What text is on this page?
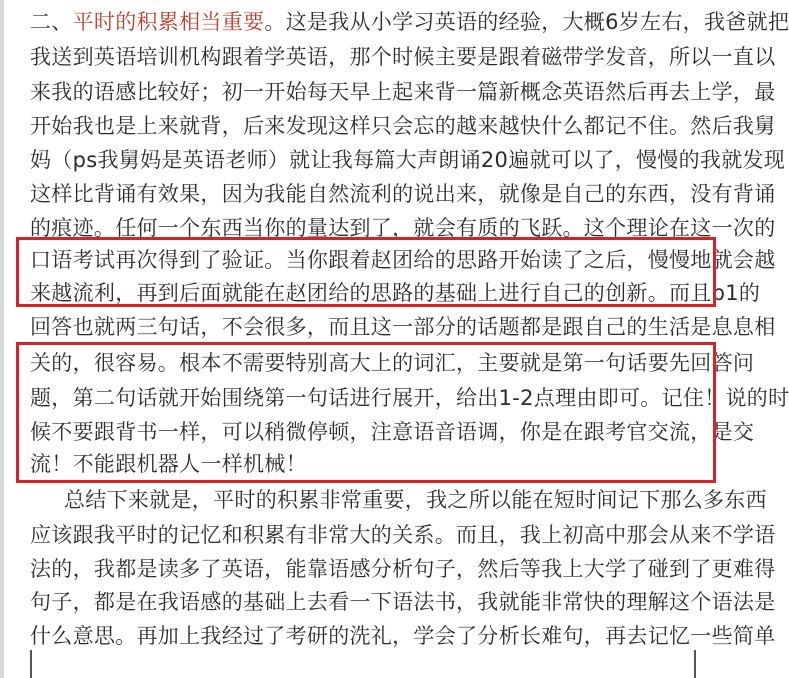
二、平时的积累相当重要。这是我从小学习英语的经验，大概6岁左右，我爸就把
我送到英语培训机构跟着学英语，那个时候主要是跟着磁带学发音，所以一直以
来我的语感比较好；初一开始每天早上起来背一篇新概念英语然后再去上学，最
开始我也是上来就背，后来发现这样只会忘的越来越快什么都记不住。然后我舅
妈（ps我舅妈是英语老师）就让我每篇大声朗诵20遍就可以了，慢慢的我就发现
这样比背诵有效果，因为我能自然流利的说出来，就像是自己的东西，没有背诵
的痕迹。任何一个东西当你的量达到了，就会有质的飞跃。这个理论在这一次的
口语考试再次得到了验证。当你跟着赵团给的思路开始读了之后，慢慢地就会越
来越流利，再到后面就能在赵团给的思路的基础上进行自己的创新。而且p1的
回答也就两三句话，不会很多，而且这一部分的话题都是跟自己的生活是息息相
关的，很容易。根本不需要特别高大上的词汇，主要就是第一句话要先回答问
题，第二句话就开始围绕第一句话进行展开，给出1-2点理由即可。记住！说的时
候不要跟背书一样，可以稍微停顿，注意语音语调，你是在跟考官交流，是交
流！不能跟机器人一样机械！
总结下来就是，平时的积累非常重要，我之所以能在短时间记下那么多东西
应该跟我平时的记忆和积累有非常大的关系。而且，我上初高中那会从来不学语
法的，我都是读多了英语，能靠语感分析句子，然后等我上大学了碰到了更难得
句子，都是在我语感的基础上去看一下语法书，我就能非常快的理解这个语法是
什么意思。再加上我经过了考研的洗礼，学会了分析长难句，再去记忆一些简单
